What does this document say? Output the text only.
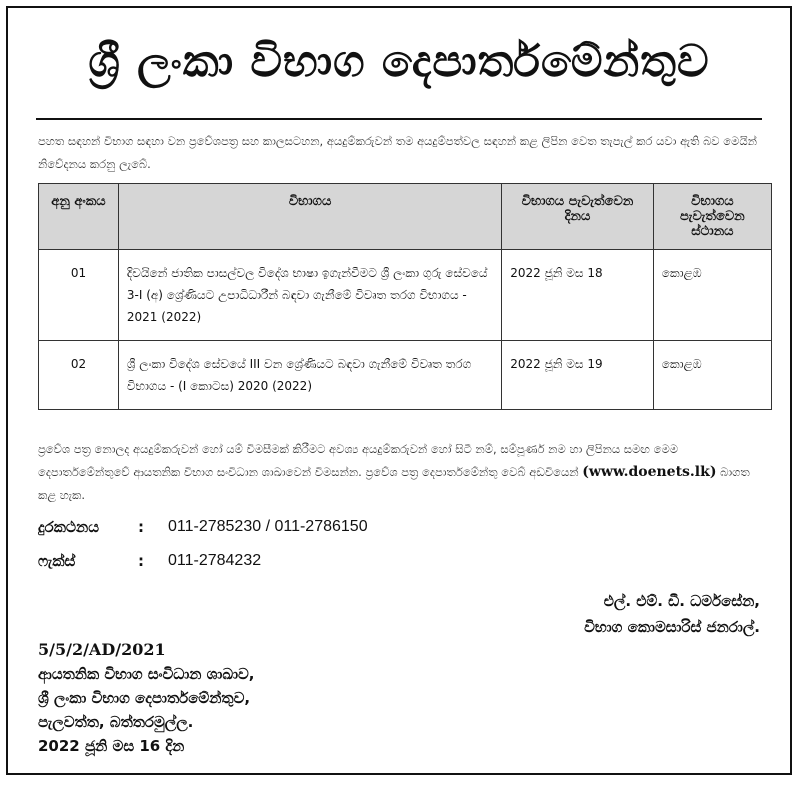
ශ්‍රී ලංකා විභාග දෙපාර්තමේන්තුව
පහත සඳහන් විභාග සඳහා වන ප්‍රවේශපත්‍ර සහ කාලසටහන, අයදුම්කරුවන් තම අයදුම්පත්වල සඳහන් කළ ලිපින වෙත තැපැල් කර යවා ඇති බව මෙයින් නිවේදනය කරනු ලැබේ.
අනු අංකය	විභාගය	විභාගය පැවැත්වෙන දිනය	විභාගය පැවැත්වෙන ස්ථානය
01	දිවයිනේ ජාතික පාසල්වල විදේශ භාෂා ඉගැන්වීමට ශ්‍රී ලංකා ගුරු සේවයේ 3-I (අ) ශ්‍රේණියට උපාධිධාරීන් බඳවා ගැනීමේ විවෘත තරග විභාගය - 2021 (2022)	2022 ජූනි මස 18	කොළඹ
02	ශ්‍රී ලංකා විදේශ සේවයේ III වන ශ්‍රේණියට බඳවා ගැනීමේ විවෘත තරග විභාගය - (I කොටස) 2020 (2022)	2022 ජූනි මස 19	කොළඹ
ප්‍රවේශ පත්‍ර නොලද අයදුම්කරුවන් හෝ යම් විමසීමක් කිරීමට අවශ්‍ය අයදුම්කරුවන් හෝ සිටී නම්, සම්පූර්ණ නම හා ලිපිනය සමඟ මෙම දෙපාර්තමේන්තුවේ ආයතනික විභාග සංවිධාන ශාඛාවෙන් විමසන්න. ප්‍රවේශ පත්‍ර දෙපාර්තමේන්තු වෙබ් අඩවියෙන් (www.doenets.lk) බාගත කළ හැක.
දුරකථනය	:	011-2785230 / 011-2786150
ෆැක්ස්	:	011-2784232
එල්. එම්. ඩී. ධර්මසේන,
විභාග කොමසාරිස් ජනරාල්.
5/5/2/AD/2021
ආයතනික විභාග සංවිධාන ශාඛාව,
ශ්‍රී ලංකා විභාග දෙපාර්තමේන්තුව,
පැලවත්ත, බත්තරමුල්ල.
2022 ජූනි මස 16 දින
